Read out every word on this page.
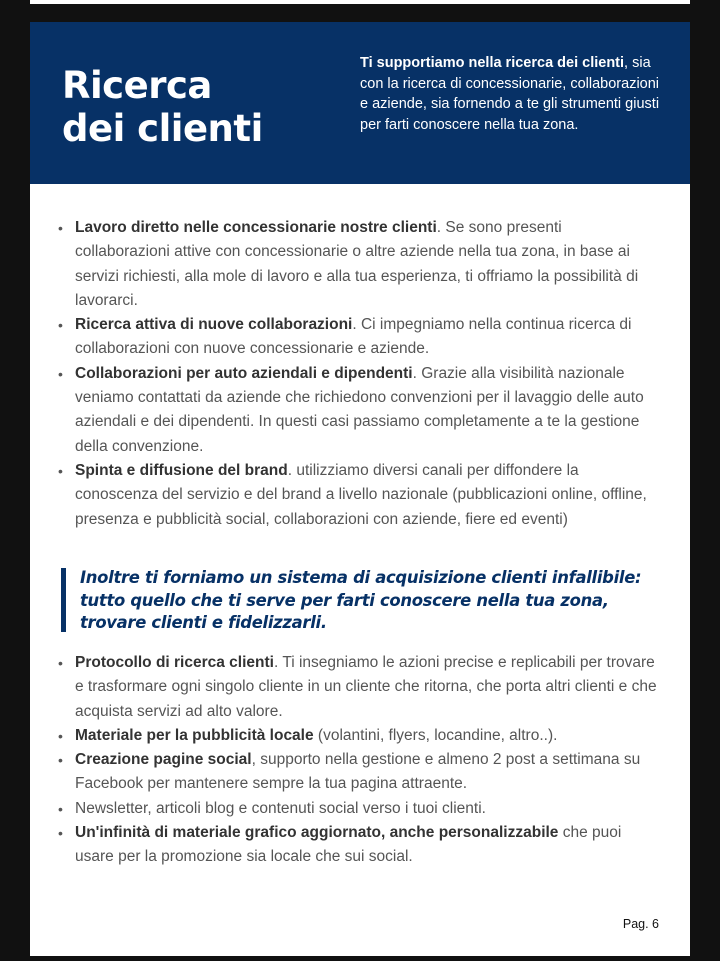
Ricerca
dei clienti
Ti supportiamo nella ricerca dei clienti, sia con la ricerca di concessionarie, collaborazioni e aziende, sia fornendo a te gli strumenti giusti per farti conoscere nella tua zona.
• Lavoro diretto nelle concessionarie nostre clienti. Se sono presenti collaborazioni attive con concessionarie o altre aziende nella tua zona, in base ai servizi richiesti, alla mole di lavoro e alla tua esperienza, ti offriamo la possibilità di lavorarci.
• Ricerca attiva di nuove collaborazioni. Ci impegniamo nella continua ricerca di collaborazioni con nuove concessionarie e aziende.
• Collaborazioni per auto aziendali e dipendenti. Grazie alla visibilità nazionale veniamo contattati da aziende che richiedono convenzioni per il lavaggio delle auto aziendali e dei dipendenti. In questi casi passiamo completamente a te la gestione della convenzione.
• Spinta e diffusione del brand. utilizziamo diversi canali per diffondere la conoscenza del servizio e del brand a livello nazionale (pubblicazioni online, offline, presenza e pubblicità social, collaborazioni con aziende, fiere ed eventi)
Inoltre ti forniamo un sistema di acquisizione clienti infallibile:
tutto quello che ti serve per farti conoscere nella tua zona,
trovare clienti e fidelizzarli.
• Protocollo di ricerca clienti. Ti insegniamo le azioni precise e replicabili per trovare e trasformare ogni singolo cliente in un cliente che ritorna, che porta altri clienti e che acquista servizi ad alto valore.
• Materiale per la pubblicità locale (volantini, flyers, locandine, altro..).
• Creazione pagine social, supporto nella gestione e almeno 2 post a settimana su Facebook per mantenere sempre la tua pagina attraente.
• Newsletter, articoli blog e contenuti social verso i tuoi clienti.
• Un'infinità di materiale grafico aggiornato, anche personalizzabile che puoi usare per la promozione sia locale che sui social.
Pag. 6
